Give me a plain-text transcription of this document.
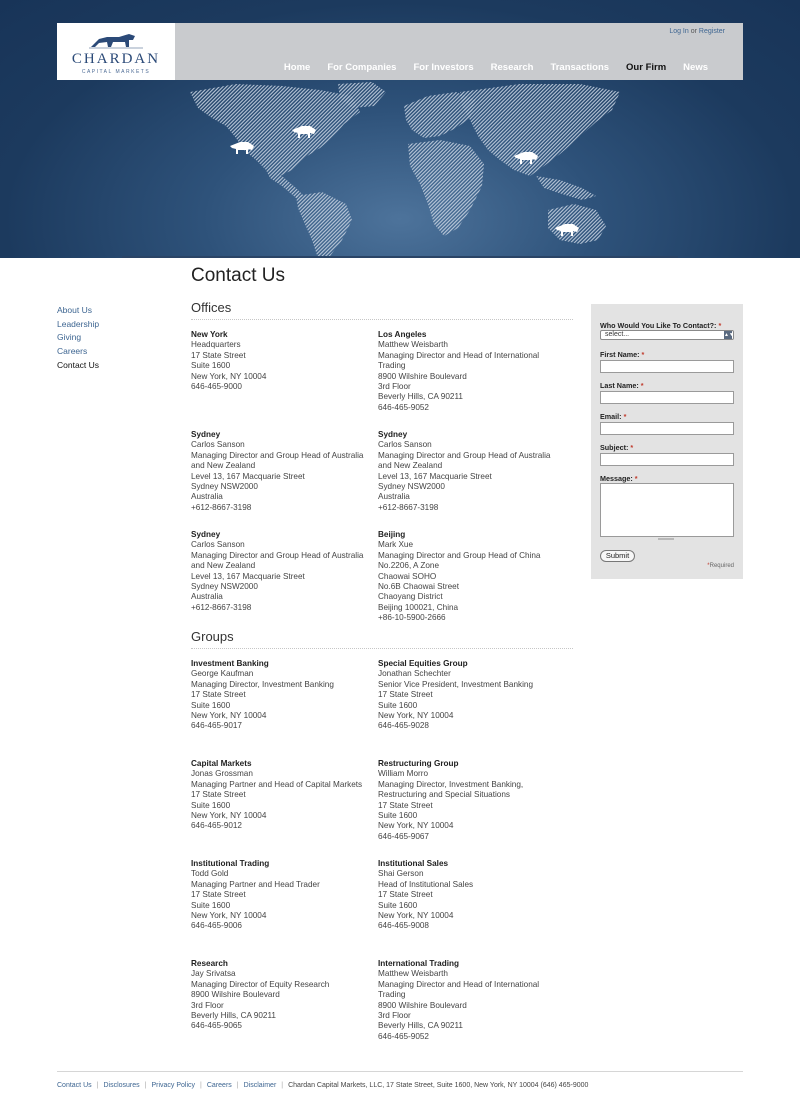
CHARDAN
CAPITAL MARKETS
Log In or Register
Home For Companies For Investors Research Transactions Our Firm News
About Us
Leadership
Giving
Careers
Contact Us
Contact Us
Offices
New York
Headquarters
17 State Street
Suite 1600
New York, NY 10004
646-465-9000
Los Angeles
Matthew Weisbarth
Managing Director and Head of International
Trading
8900 Wilshire Boulevard
3rd Floor
Beverly Hills, CA 90211
646-465-9052
Sydney
Carlos Sanson
Managing Director and Group Head of Australia
and New Zealand
Level 13, 167 Macquarie Street
Sydney NSW2000
Australia
+612-8667-3198
Sydney
Carlos Sanson
Managing Director and Group Head of Australia
and New Zealand
Level 13, 167 Macquarie Street
Sydney NSW2000
Australia
+612-8667-3198
Sydney
Carlos Sanson
Managing Director and Group Head of Australia
and New Zealand
Level 13, 167 Macquarie Street
Sydney NSW2000
Australia
+612-8667-3198
Beijing
Mark Xue
Managing Director and Group Head of China
No.2206, A Zone
Chaowai SOHO
No.6B Chaowai Street
Chaoyang District
Beijing 100021, China
+86-10-5900-2666
Groups
Investment Banking
George Kaufman
Managing Director, Investment Banking
17 State Street
Suite 1600
New York, NY 10004
646-465-9017
Special Equities Group
Jonathan Schechter
Senior Vice President, Investment Banking
17 State Street
Suite 1600
New York, NY 10004
646-465-9028
Capital Markets
Jonas Grossman
Managing Partner and Head of Capital Markets
17 State Street
Suite 1600
New York, NY 10004
646-465-9012
Restructuring Group
William Morro
Managing Director, Investment Banking,
Restructuring and Special Situations
17 State Street
Suite 1600
New York, NY 10004
646-465-9067
Institutional Trading
Todd Gold
Managing Partner and Head Trader
17 State Street
Suite 1600
New York, NY 10004
646-465-9006
Institutional Sales
Shai Gerson
Head of Institutional Sales
17 State Street
Suite 1600
New York, NY 10004
646-465-9008
Research
Jay Srivatsa
Managing Director of Equity Research
8900 Wilshire Boulevard
3rd Floor
Beverly Hills, CA 90211
646-465-9065
International Trading
Matthew Weisbarth
Managing Director and Head of International
Trading
8900 Wilshire Boulevard
3rd Floor
Beverly Hills, CA 90211
646-465-9052
Who Would You Like To Contact?: *
select...	▲▼
First Name: *
Last Name: *
Email: *
Subject: *
Message: *
Submit
*Required
Contact Us | Disclosures | Privacy Policy | Careers | Disclaimer | Chardan Capital Markets, LLC, 17 State Street, Suite 1600, New York, NY 10004 (646) 465-9000
